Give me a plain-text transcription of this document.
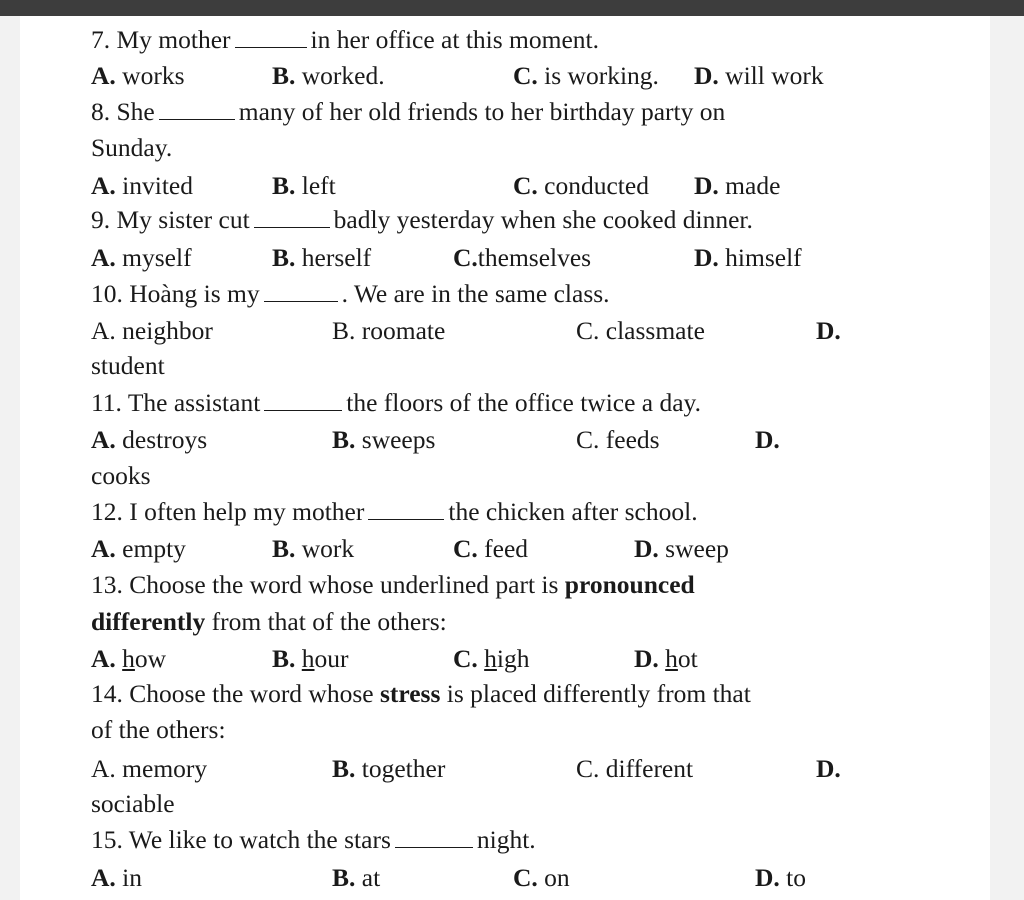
7. My mother	in her office at this moment.
A. works	B. worked.	C. is working. D. will work
8. She	many of her old friends to her birthday party on
Sunday.
A. invited	B. left	C. conducted D. made
9. My sister cut	badly yesterday when she cooked dinner.
A. myself	B. herself	C.themselves	D. himself
10. Hoàng is my	. We are in the same class.
A. neighbor	B. roomate	C. classmate	D.
student
11. The assistant	the floors of the office twice a day.
A. destroys	B. sweeps	C. feeds	D.
cooks
12. I often help my mother	the chicken after school.
A. empty	B. work	C. feed	D. sweep
13. Choose the word whose underlined part is pronounced
differently from that of the others:
A. how	B. hour	C. high	D. hot
14. Choose the word whose stress is placed differently from that
of the others:
A. memory	B. together	C. different	D.
sociable
15. We like to watch the stars	night.
A. in	B. at	C. on	D. to
